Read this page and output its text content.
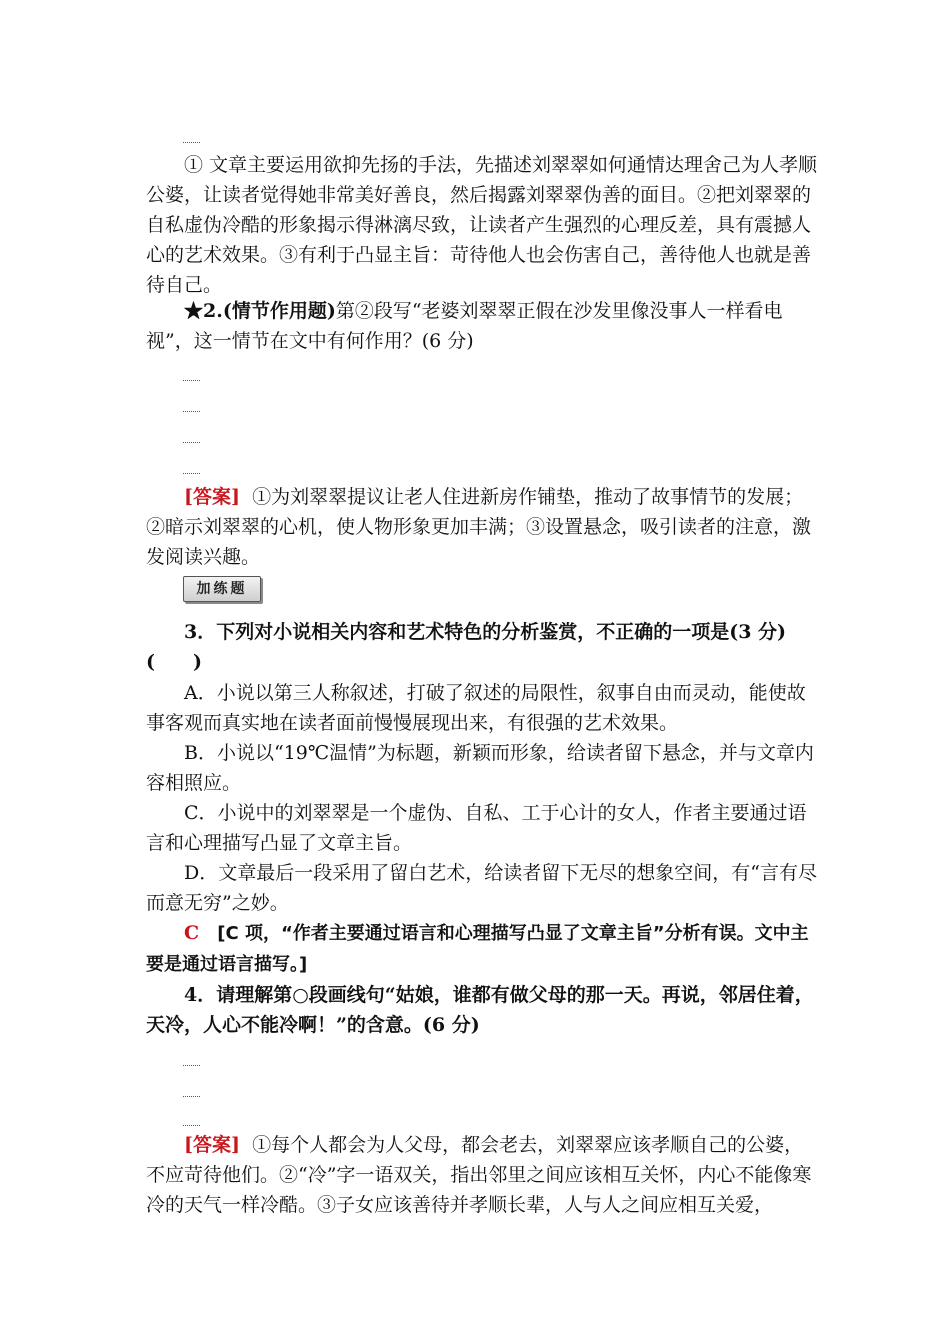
① 文章主要运用欲抑先扬的手法，先描述刘翠翠如何通情达理舍己为人孝顺公婆，让读者觉得她非常美好善良，然后揭露刘翠翠伪善的面目。②把刘翠翠的自私虚伪冷酷的形象揭示得淋漓尽致，让读者产生强烈的心理反差，具有震撼人心的艺术效果。③有利于凸显主旨：苛待他人也会伤害自己，善待他人也就是善待自己。
★2.(情节作用题)第②段写“老婆刘翠翠正假在沙发里像没事人一样看电视”，这一情节在文中有何作用？(6 分)
[答案] ①为刘翠翠提议让老人住进新房作铺垫，推动了故事情节的发展；②暗示刘翠翠的心机，使人物形象更加丰满；③设置悬念，吸引读者的注意，激发阅读兴趣。
加练题
3．下列对小说相关内容和艺术特色的分析鉴赏，不正确的一项是(3 分)(　　)
A．小说以第三人称叙述，打破了叙述的局限性，叙事自由而灵动，能使故事客观而真实地在读者面前慢慢展现出来，有很强的艺术效果。
B．小说以“19℃温情”为标题，新颖而形象，给读者留下悬念，并与文章内容相照应。
C．小说中的刘翠翠是一个虚伪、自私、工于心计的女人，作者主要通过语言和心理描写凸显了文章主旨。
D．文章最后一段采用了留白艺术，给读者留下无尽的想象空间，有“言有尽而意无穷”之妙。
C [C 项，“作者主要通过语言和心理描写凸显了文章主旨”分析有误。文中主要是通过语言描写。]
4．请理解第○段画线句“姑娘，谁都有做父母的那一天。再说，邻居住着，天冷，人心不能冷啊！”的含意。(6 分)
[答案] ①每个人都会为人父母，都会老去，刘翠翠应该孝顺自己的公婆，不应苛待他们。②“冷”字一语双关，指出邻里之间应该相互关怀，内心不能像寒冷的天气一样冷酷。③子女应该善待并孝顺长辈，人与人之间应相互关爱，
